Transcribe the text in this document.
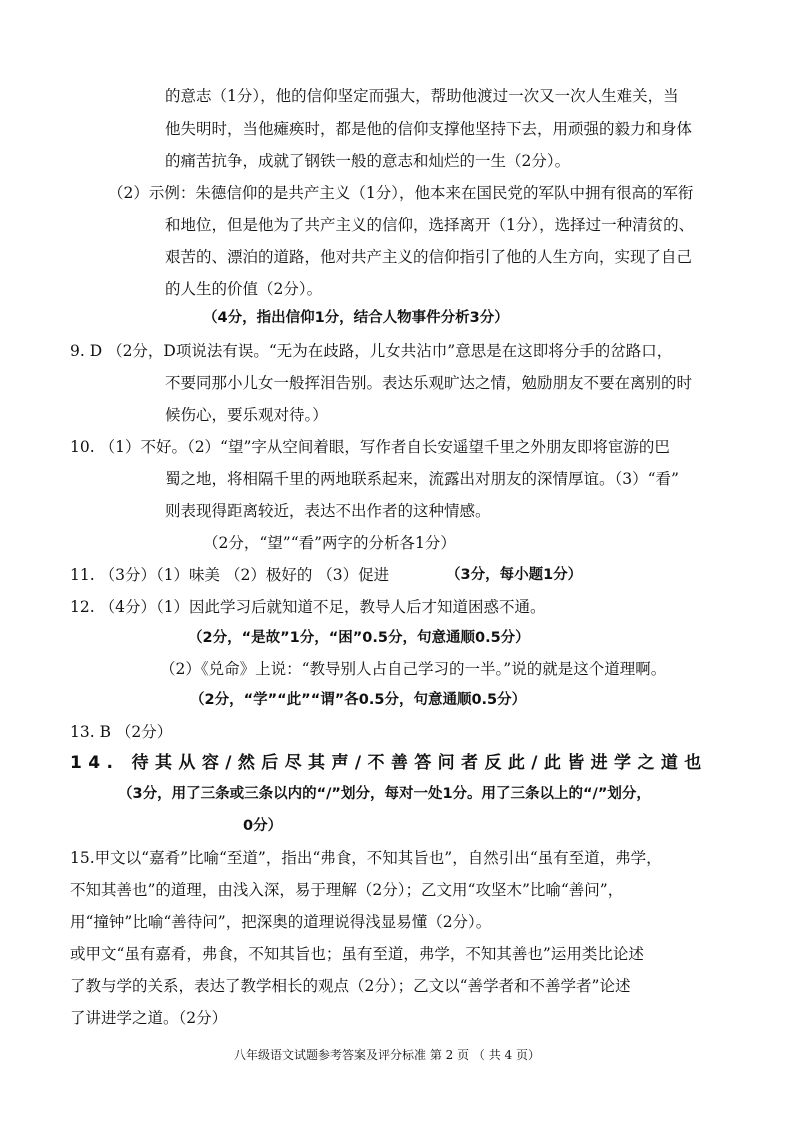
的意志（1分），他的信仰坚定而强大，帮助他渡过一次又一次人生难关，当
他失明时，当他瘫痪时，都是他的信仰支撑他坚持下去，用顽强的毅力和身体
的痛苦抗争，成就了钢铁一般的意志和灿烂的一生（2分）。
（2）示例：朱德信仰的是共产主义（1分），他本来在国民党的军队中拥有很高的军衔
和地位，但是他为了共产主义的信仰，选择离开（1分），选择过一种清贫的、
艰苦的、漂泊的道路，他对共产主义的信仰指引了他的人生方向，实现了自己
的人生的价值（2分）。
（4分，指出信仰1分，结合人物事件分析3分）
9. D （2分，D项说法有误。“无为在歧路，儿女共沾巾”意思是在这即将分手的岔路口，
不要同那小儿女一般挥泪告别。表达乐观旷达之情，勉励朋友不要在离别的时
候伤心，要乐观对待。）
10. （1）不好。（2）“望”字从空间着眼，写作者自长安遥望千里之外朋友即将宦游的巴
蜀之地，将相隔千里的两地联系起来，流露出对朋友的深情厚谊。（3）“看”
则表现得距离较近，表达不出作者的这种情感。
（2分，“望”“看”两字的分析各1分）
11. （3分）（1）味美 （2）极好的 （3）促进	（3分，每小题1分）
12. （4分）（1）因此学习后就知道不足，教导人后才知道困惑不通。
（2分，“是故”1分，“困”0.5分，句意通顺0.5分）
（2）《兑命》上说：“教导别人占自己学习的一半。”说的就是这个道理啊。
（2分，“学”“此”“谓”各0.5分，句意通顺0.5分）
13. B （2分）
14. 待其从容/然后尽其声/不善答问者反此/此皆进学之道也
（3分，用了三条或三条以内的“/”划分，每对一处1分。用了三条以上的“/”划分，
0分）
15.甲文以“嘉肴”比喻“至道”，指出“弗食，不知其旨也”，自然引出“虽有至道，弗学，
不知其善也”的道理，由浅入深，易于理解（2分）；乙文用“攻坚木”比喻“善问”，
用“撞钟”比喻“善待问”，把深奥的道理说得浅显易懂（2分）。
或甲文“虽有嘉肴，弗食，不知其旨也；虽有至道，弗学，不知其善也”运用类比论述
了教与学的关系，表达了教学相长的观点（2分）；乙文以“善学者和不善学者”论述
了讲进学之道。（2分）
八年级语文试题参考答案及评分标准 第 2 页 （ 共 4 页）
